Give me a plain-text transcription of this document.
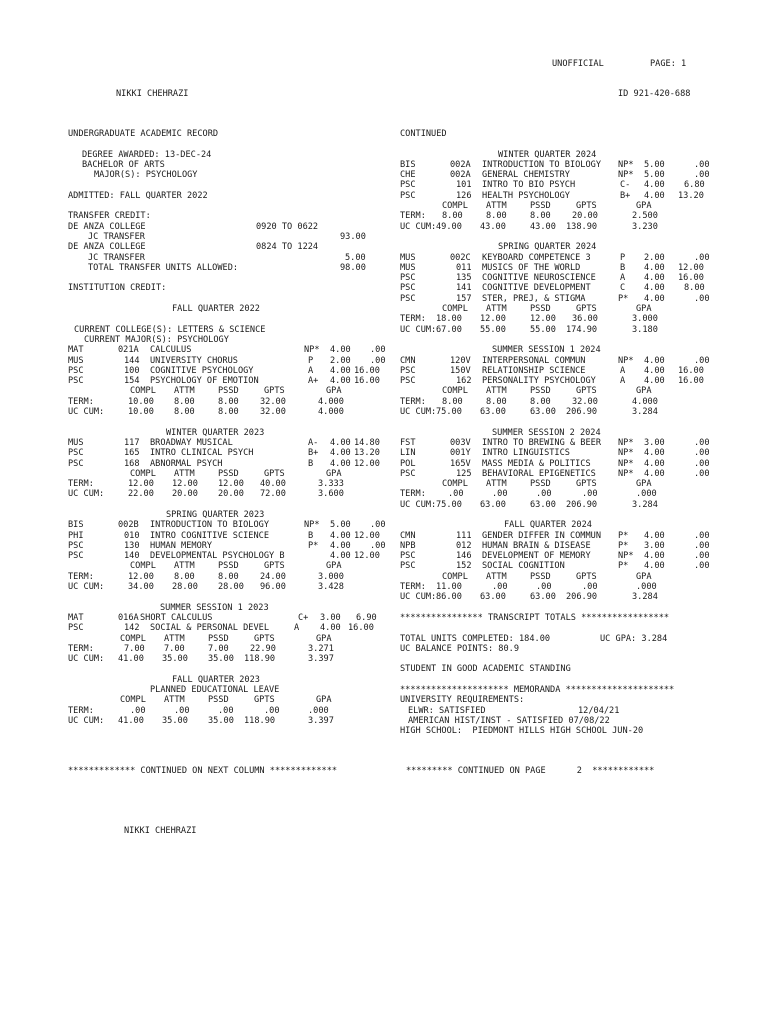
UNOFFICIAL	PAGE: 1
NIKKI CHEHRAZI	ID 921-420-688
UNDERGRADUATE ACADEMIC RECORD
DEGREE AWARDED: 13-DEC-24
BACHELOR OF ARTS
MAJOR(S): PSYCHOLOGY
ADMITTED: FALL QUARTER 2022
TRANSFER CREDIT:
DE ANZA COLLEGE	0920 TO 0622
JC TRANSFER	93.00
DE ANZA COLLEGE	0824 TO 1224
JC TRANSFER	5.00
TOTAL TRANSFER UNITS ALLOWED:	98.00
INSTITUTION CREDIT:
FALL QUARTER 2022
CURRENT COLLEGE(S): LETTERS & SCIENCE
CURRENT MAJOR(S): PSYCHOLOGY
MAT	021A CALCULUS	NP* 4.00 .00
MUS	144 UNIVERSITY CHORUS	P 2.00 .00
PSC	100 COGNITIVE PSYCHOLOGY	A 4.00 16.00
PSC	154 PSYCHOLOGY OF EMOTION	A+ 4.00 16.00
COMPL ATTM	PSSD	GPTS	GPA
TERM:	10.00 8.00	8.00 32.00	4.000
UC CUM:	10.00 8.00	8.00 32.00	4.000
WINTER QUARTER 2023
MUS	117 BROADWAY MUSICAL	A- 4.00 14.80
PSC	165 INTRO CLINICAL PSYCH	B+ 4.00 13.20
PSC	168 ABNORMAL PSYCH	B 4.00 12.00
COMPL ATTM	PSSD	GPTS	GPA
TERM:	12.00 12.00 12.00 40.00	3.333
UC CUM:	22.00 20.00 20.00 72.00	3.600
SPRING QUARTER 2023
BIS	002B INTRODUCTION TO BIOLOGY	NP* 5.00 .00
PHI	010 INTRO COGNITIVE SCIENCE	B 4.00 12.00
PSC	130 HUMAN MEMORY	P* 4.00 .00
PSC	140 DEVELOPMENTAL PSYCHOLOGY B	4.00 12.00
COMPL ATTM	PSSD	GPTS	GPA
TERM:	12.00 8.00	8.00 24.00	3.000
UC CUM:	34.00 28.00 28.00 96.00	3.428
SUMMER SESSION 1 2023
MAT	016A SHORT CALCULUS	C+ 3.00 6.90
PSC	142 SOCIAL & PERSONAL DEVEL	A 4.00 16.00
COMPL ATTM	PSSD	GPTS	GPA
TERM:	7.00 7.00	7.00 22.90	3.271
UC CUM: 41.00 35.00 35.00 118.90	3.397
FALL QUARTER 2023
PLANNED EDUCATIONAL LEAVE
COMPL ATTM	PSSD	GPTS	GPA
TERM:	.00	.00	.00	.00	.000
UC CUM: 41.00 35.00 35.00 118.90	3.397
************* CONTINUED ON NEXT COLUMN *************
CONTINUED
WINTER QUARTER 2024
BIS	002A INTRODUCTION TO BIOLOGY NP* 5.00	.00
CHE	002A GENERAL CHEMISTRY	NP* 5.00	.00
PSC	101 INTRO TO BIO PSYCH	C- 4.00 6.80
PSC	126 HEALTH PSYCHOLOGY	B+ 4.00 13.20
COMPL ATTM	PSSD	GPTS	GPA
TERM: 8.00	8.00	8.00 20.00	2.500
UC CUM: 49.00 43.00	43.00 138.90	3.230
SPRING QUARTER 2024
MUS	002C KEYBOARD COMPETENCE 3	P 2.00	.00
MUS	011 MUSICS OF THE WORLD	B 4.00 12.00
PSC	135 COGNITIVE NEUROSCIENCE	A 4.00 16.00
PSC	141 COGNITIVE DEVELOPMENT	C 4.00 8.00
PSC	157 STER, PREJ, & STIGMA	P* 4.00	.00
COMPL ATTM	PSSD	GPTS	GPA
TERM: 18.00 12.00	12.00 36.00	3.000
UC CUM: 67.00 55.00	55.00 174.90	3.180
SUMMER SESSION 1 2024
CMN	120V INTERPERSONAL COMMUN	NP* 4.00	.00
PSC	150V RELATIONSHIP SCIENCE	A 4.00 16.00
PSC	162 PERSONALITY PSYCHOLOGY	A 4.00 16.00
COMPL ATTM	PSSD	GPTS	GPA
TERM: 8.00	8.00	8.00 32.00	4.000
UC CUM: 75.00 63.00	63.00 206.90	3.284
SUMMER SESSION 2 2024
FST	003V INTRO TO BREWING & BEER NP* 3.00	.00
LIN	001Y INTRO LINGUISTICS	NP* 4.00	.00
POL	165V MASS MEDIA & POLITICS	NP* 4.00	.00
PSC	125 BEHAVIORAL EPIGENETICS	NP* 4.00	.00
COMPL ATTM	PSSD	GPTS	GPA
TERM:	.00	.00	.00	.00	.000
UC CUM: 75.00 63.00	63.00 206.90	3.284
FALL QUARTER 2024
CMN	111 GENDER DIFFER IN COMMUN P* 4.00	.00
NPB	012 HUMAN BRAIN & DISEASE	P* 3.00	.00
PSC	146 DEVELOPMENT OF MEMORY	NP* 4.00	.00
PSC	152 SOCIAL COGNITION	P* 4.00	.00
COMPL ATTM	PSSD	GPTS	GPA
TERM: 11.00	.00	.00	.00	.000
UC CUM: 86.00 63.00	63.00 206.90	3.284
**************** TRANSCRIPT TOTALS *****************
TOTAL UNITS COMPLETED: 184.00	UC GPA: 3.284
UC BALANCE POINTS: 80.9
STUDENT IN GOOD ACADEMIC STANDING
********************* MEMORANDA *********************
UNIVERSITY REQUIREMENTS:
ELWR: SATISFIED	12/04/21
AMERICAN HIST/INST - SATISFIED 07/08/22
HIGH SCHOOL:  PIEDMONT HILLS HIGH SCHOOL JUN-20
********* CONTINUED ON PAGE      2  ************
NIKKI CHEHRAZI
